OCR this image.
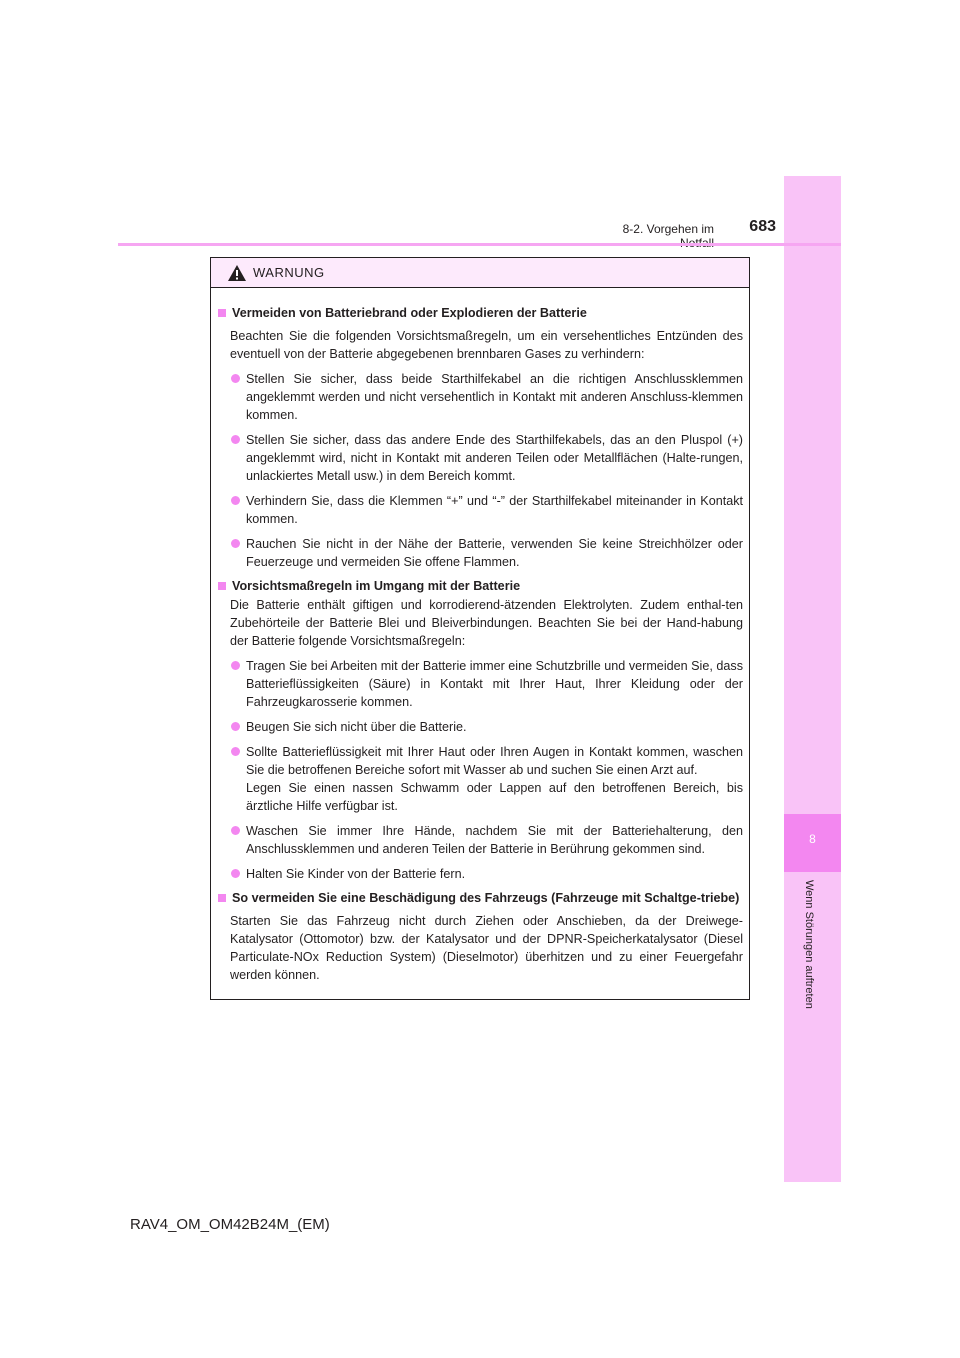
8
Wenn Störungen auftreten
8-2. Vorgehen im	683
WARNUNG
Vermeiden von Batteriebrand oder Explodieren der Batterie
Beachten Sie die folgenden Vorsichtsmaßregeln, um ein versehentliches Entzünden des eventuell von der Batterie abgegebenen brennbaren Gases zu verhindern:
Stellen Sie sicher, dass beide Starthilfekabel an die richtigen Anschlussklemmen angeklemmt werden und nicht versehentlich in Kontakt mit anderen Anschluss-klemmen kommen.
Stellen Sie sicher, dass das andere Ende des Starthilfekabels, das an den Pluspol (+) angeklemmt wird, nicht in Kontakt mit anderen Teilen oder Metallflächen (Halte-rungen, unlackiertes Metall usw.) in dem Bereich kommt.
Verhindern Sie, dass die Klemmen “+” und “-” der Starthilfekabel miteinander in Kontakt kommen.
Rauchen Sie nicht in der Nähe der Batterie, verwenden Sie keine Streichhölzer oder Feuerzeuge und vermeiden Sie offene Flammen.
Vorsichtsmaßregeln im Umgang mit der Batterie
Die Batterie enthält giftigen und korrodierend-ätzenden Elektrolyten. Zudem enthal-ten Zubehörteile der Batterie Blei und Bleiverbindungen. Beachten Sie bei der Hand-habung der Batterie folgende Vorsichtsmaßregeln:
Tragen Sie bei Arbeiten mit der Batterie immer eine Schutzbrille und vermeiden Sie, dass Batterieflüssigkeiten (Säure) in Kontakt mit Ihrer Haut, Ihrer Kleidung oder der Fahrzeugkarosserie kommen.
Beugen Sie sich nicht über die Batterie.
Sollte Batterieflüssigkeit mit Ihrer Haut oder Ihren Augen in Kontakt kommen, waschen Sie die betroffenen Bereiche sofort mit Wasser ab und suchen Sie einen Arzt auf.
Legen Sie einen nassen Schwamm oder Lappen auf den betroffenen Bereich, bis ärztliche Hilfe verfügbar ist.
Waschen Sie immer Ihre Hände, nachdem Sie mit der Batteriehalterung, den Anschlussklemmen und anderen Teilen der Batterie in Berührung gekommen sind.
Halten Sie Kinder von der Batterie fern.
So vermeiden Sie eine Beschädigung des Fahrzeugs (Fahrzeuge mit Schaltge-triebe)
Starten Sie das Fahrzeug nicht durch Ziehen oder Anschieben, da der Dreiwege-Katalysator (Ottomotor) bzw. der Katalysator und der DPNR-Speicherkatalysator (Diesel Particulate-NOx Reduction System) (Dieselmotor) überhitzen und zu einer Feuergefahr werden können.
RAV4_OM_OM42B24M_(EM)
